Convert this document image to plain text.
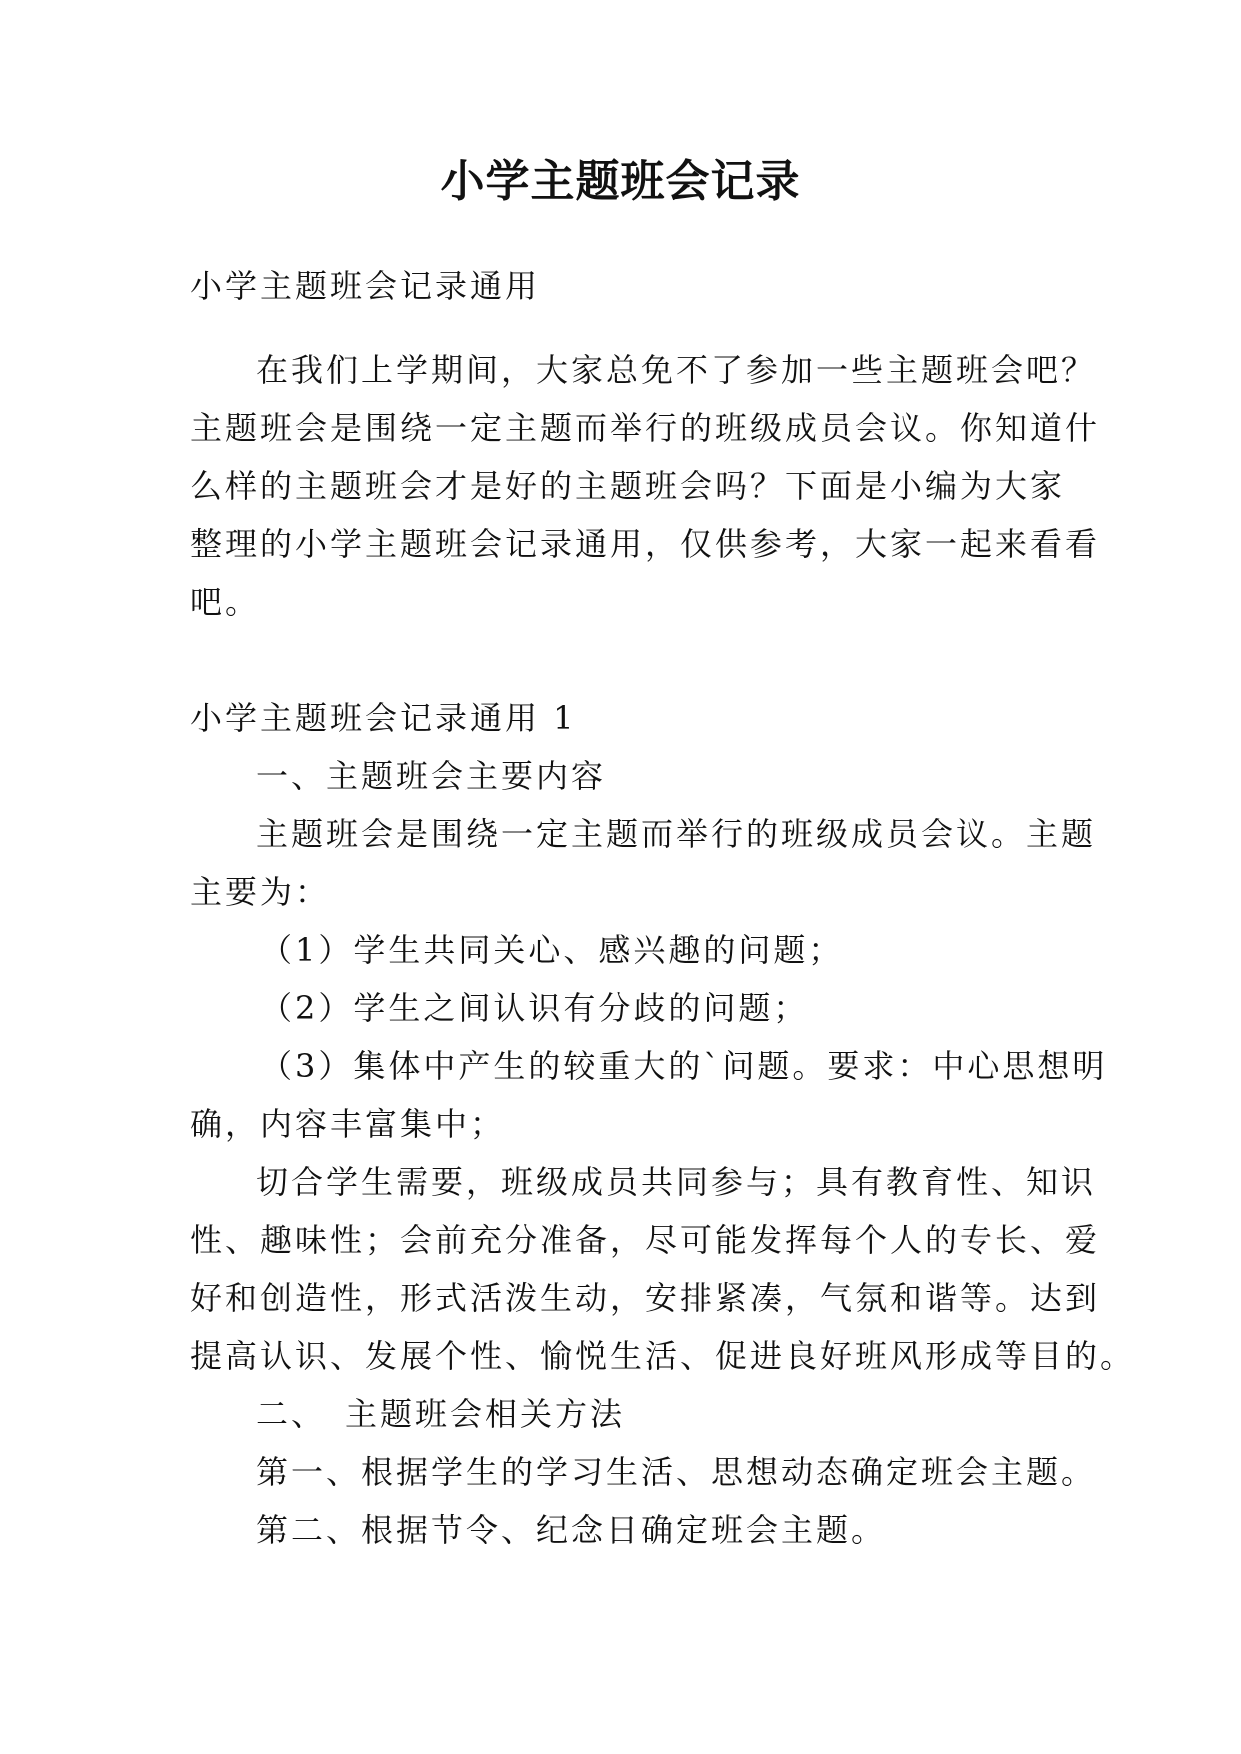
小学主题班会记录
小学主题班会记录通用
在我们上学期间，大家总免不了参加一些主题班会吧？
主题班会是围绕一定主题而举行的班级成员会议。你知道什
么样的主题班会才是好的主题班会吗？下面是小编为大家
整理的小学主题班会记录通用，仅供参考，大家一起来看看
吧。
小学主题班会记录通用 1
一、主题班会主要内容
主题班会是围绕一定主题而举行的班级成员会议。主题
主要为：
（1）学生共同关心、感兴趣的问题；
（2）学生之间认识有分歧的问题；
（3）集体中产生的较重大的`问题。要求：中心思想明
确，内容丰富集中；
切合学生需要，班级成员共同参与；具有教育性、知识
性、趣味性；会前充分准备，尽可能发挥每个人的专长、爱
好和创造性，形式活泼生动，安排紧凑，气氛和谐等。达到
提高认识、发展个性、愉悦生活、促进良好班风形成等目的。
二、　主题班会相关方法
第一、根据学生的学习生活、思想动态确定班会主题。
第二、根据节令、纪念日确定班会主题。
